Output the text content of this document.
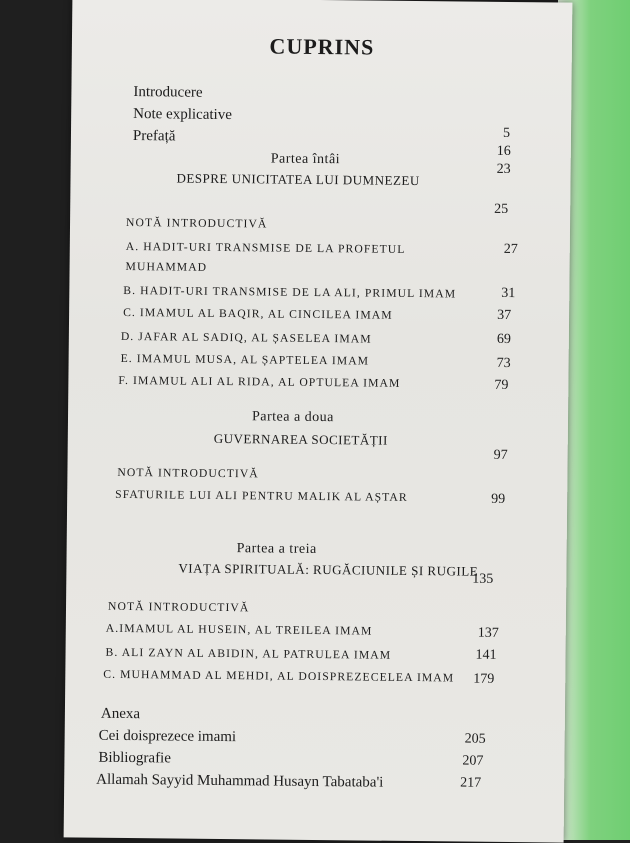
CUPRINS
Introducere
Note explicative
Prefață	5
16
23
Partea întâi
DESPRE UNICITATEA LUI DUMNEZEU
25
NOTĂ INTRODUCTIVĂ
27
A. HADIT-URI TRANSMISE DE LA PROFETUL
MUHAMMAD
31
B. HADIT-URI TRANSMISE DE LA ALI, PRIMUL IMAM
37
C. IMAMUL AL BAQIR, AL CINCILEA IMAM
69
D. JAFAR AL SADIQ, AL ȘASELEA IMAM
73
E. IMAMUL MUSA, AL ȘAPTELEA IMAM
79
F. IMAMUL ALI AL RIDA, AL OPTULEA IMAM
Partea a doua
GUVERNAREA SOCIETĂȚII
97
NOTĂ INTRODUCTIVĂ
99
SFATURILE LUI ALI PENTRU MALIK AL AȘTAR
Partea a treia
VIAȚA SPIRITUALĂ: RUGĂCIUNILE ȘI RUGILE
135
NOTĂ INTRODUCTIVĂ
137
A.IMAMUL AL HUSEIN, AL TREILEA IMAM
141
B. ALI ZAYN AL ABIDIN, AL PATRULEA IMAM
179
C. MUHAMMAD AL MEHDI, AL DOISPREZECELEA IMAM
Anexa
205
Cei doisprezece imami
207
Bibliografie
217
Allamah Sayyid Muhammad Husayn Tabataba'i
